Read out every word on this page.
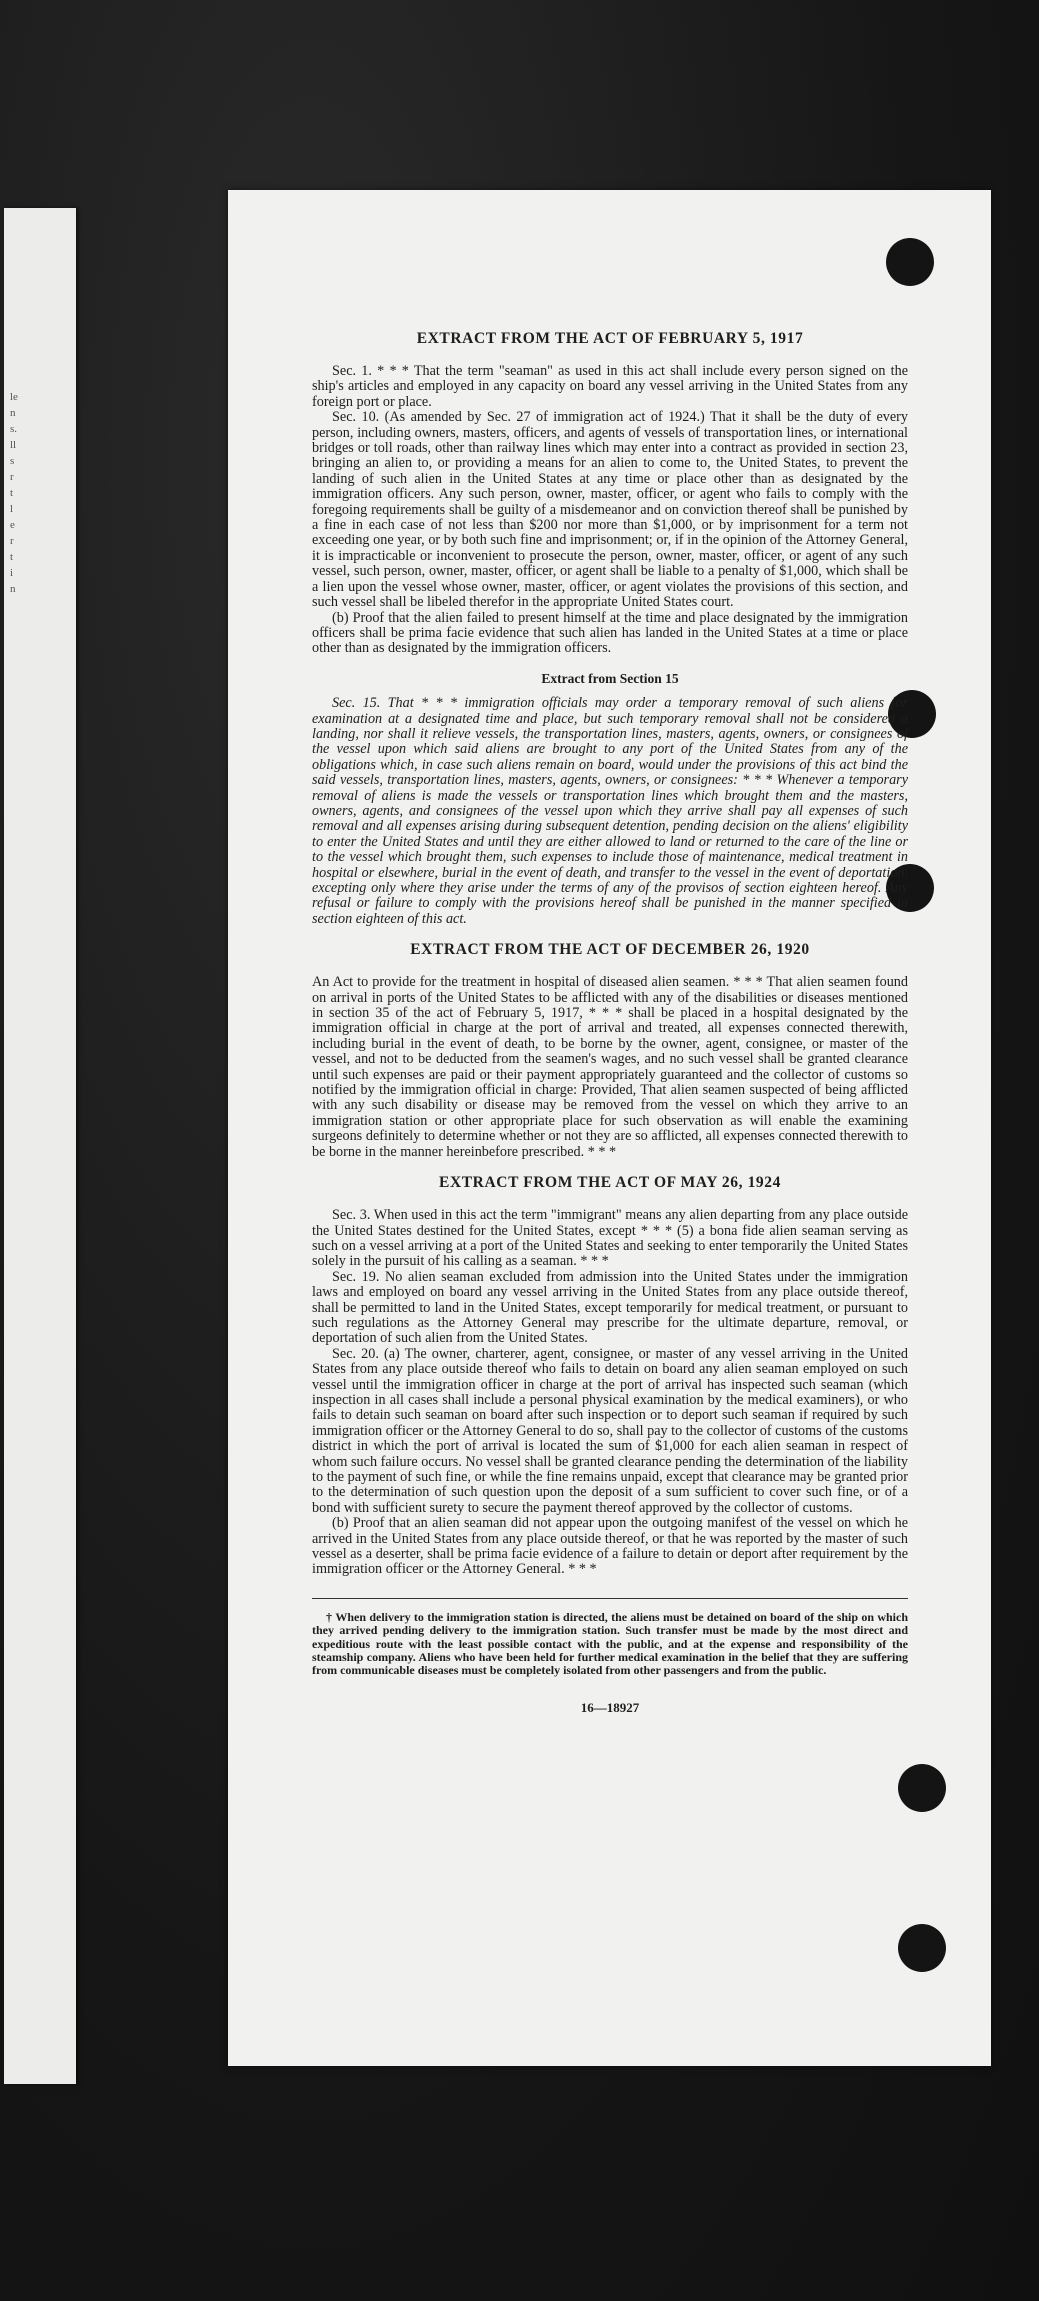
le
n
s.
ll
s
r
t
l
e
r
t
i
n
EXTRACT FROM THE ACT OF FEBRUARY 5, 1917

Sec. 1. * * * That the term "seaman" as used in this act shall include every person signed on the ship's articles and employed in any capacity on board any vessel arriving in the United States from any foreign port or place.

Sec. 10. (As amended by Sec. 27 of immigration act of 1924.) That it shall be the duty of every person, including owners, masters, officers, and agents of vessels of transportation lines, or international bridges or toll roads, other than railway lines which may enter into a contract as provided in section 23, bringing an alien to, or providing a means for an alien to come to, the United States, to prevent the landing of such alien in the United States at any time or place other than as designated by the immigration officers. Any such person, owner, master, officer, or agent who fails to comply with the foregoing requirements shall be guilty of a misdemeanor and on conviction thereof shall be punished by a fine in each case of not less than $200 nor more than $1,000, or by imprisonment for a term not exceeding one year, or by both such fine and imprisonment; or, if in the opinion of the Attorney General, it is impracticable or inconvenient to prosecute the person, owner, master, officer, or agent of any such vessel, such person, owner, master, officer, or agent shall be liable to a penalty of $1,000, which shall be a lien upon the vessel whose owner, master, officer, or agent violates the provisions of this section, and such vessel shall be libeled therefor in the appropriate United States court.

(b) Proof that the alien failed to present himself at the time and place designated by the immigration officers shall be prima facie evidence that such alien has landed in the United States at a time or place other than as designated by the immigration officers.

Extract from Section 15

Sec. 15. That * * * immigration officials may order a temporary removal of such aliens for examination at a designated time and place, but such temporary removal shall not be considered a landing, nor shall it relieve vessels, the transportation lines, masters, agents, owners, or consignees of the vessel upon which said aliens are brought to any port of the United States from any of the obligations which, in case such aliens remain on board, would under the provisions of this act bind the said vessels, transportation lines, masters, agents, owners, or consignees: * * * Whenever a temporary removal of aliens is made the vessels or transportation lines which brought them and the masters, owners, agents, and consignees of the vessel upon which they arrive shall pay all expenses of such removal and all expenses arising during subsequent detention, pending decision on the aliens' eligibility to enter the United States and until they are either allowed to land or returned to the care of the line or to the vessel which brought them, such expenses to include those of maintenance, medical treatment in hospital or elsewhere, burial in the event of death, and transfer to the vessel in the event of deportation, excepting only where they arise under the terms of any of the provisos of section eighteen hereof. Any refusal or failure to comply with the provisions hereof shall be punished in the manner specified in section eighteen of this act.

EXTRACT FROM THE ACT OF DECEMBER 26, 1920

An Act to provide for the treatment in hospital of diseased alien seamen. * * * That alien seamen found on arrival in ports of the United States to be afflicted with any of the disabilities or diseases mentioned in section 35 of the act of February 5, 1917, * * * shall be placed in a hospital designated by the immigration official in charge at the port of arrival and treated, all expenses connected therewith, including burial in the event of death, to be borne by the owner, agent, consignee, or master of the vessel, and not to be deducted from the seamen's wages, and no such vessel shall be granted clearance until such expenses are paid or their payment appropriately guaranteed and the collector of customs so notified by the immigration official in charge: Provided, That alien seamen suspected of being afflicted with any such disability or disease may be removed from the vessel on which they arrive to an immigration station or other appropriate place for such observation as will enable the examining surgeons definitely to determine whether or not they are so afflicted, all expenses connected therewith to be borne in the manner hereinbefore prescribed. * * *

EXTRACT FROM THE ACT OF MAY 26, 1924

Sec. 3. When used in this act the term "immigrant" means any alien departing from any place outside the United States destined for the United States, except * * * (5) a bona fide alien seaman serving as such on a vessel arriving at a port of the United States and seeking to enter temporarily the United States solely in the pursuit of his calling as a seaman. * * *

Sec. 19. No alien seaman excluded from admission into the United States under the immigration laws and employed on board any vessel arriving in the United States from any place outside thereof, shall be permitted to land in the United States, except temporarily for medical treatment, or pursuant to such regulations as the Attorney General may prescribe for the ultimate departure, removal, or deportation of such alien from the United States.

Sec. 20. (a) The owner, charterer, agent, consignee, or master of any vessel arriving in the United States from any place outside thereof who fails to detain on board any alien seaman employed on such vessel until the immigration officer in charge at the port of arrival has inspected such seaman (which inspection in all cases shall include a personal physical examination by the medical examiners), or who fails to detain such seaman on board after such inspection or to deport such seaman if required by such immigration officer or the Attorney General to do so, shall pay to the collector of customs of the customs district in which the port of arrival is located the sum of $1,000 for each alien seaman in respect of whom such failure occurs. No vessel shall be granted clearance pending the determination of the liability to the payment of such fine, or while the fine remains unpaid, except that clearance may be granted prior to the determination of such question upon the deposit of a sum sufficient to cover such fine, or of a bond with sufficient surety to secure the payment thereof approved by the collector of customs.

(b) Proof that an alien seaman did not appear upon the outgoing manifest of the vessel on which he arrived in the United States from any place outside thereof, or that he was reported by the master of such vessel as a deserter, shall be prima facie evidence of a failure to detain or deport after requirement by the immigration officer or the Attorney General. * * *

† When delivery to the immigration station is directed, the aliens must be detained on board of the ship on which they arrived pending delivery to the immigration station. Such transfer must be made by the most direct and expeditious route with the least possible contact with the public, and at the expense and responsibility of the steamship company. Aliens who have been held for further medical examination in the belief that they are suffering from communicable diseases must be completely isolated from other passengers and from the public.

16—18927
